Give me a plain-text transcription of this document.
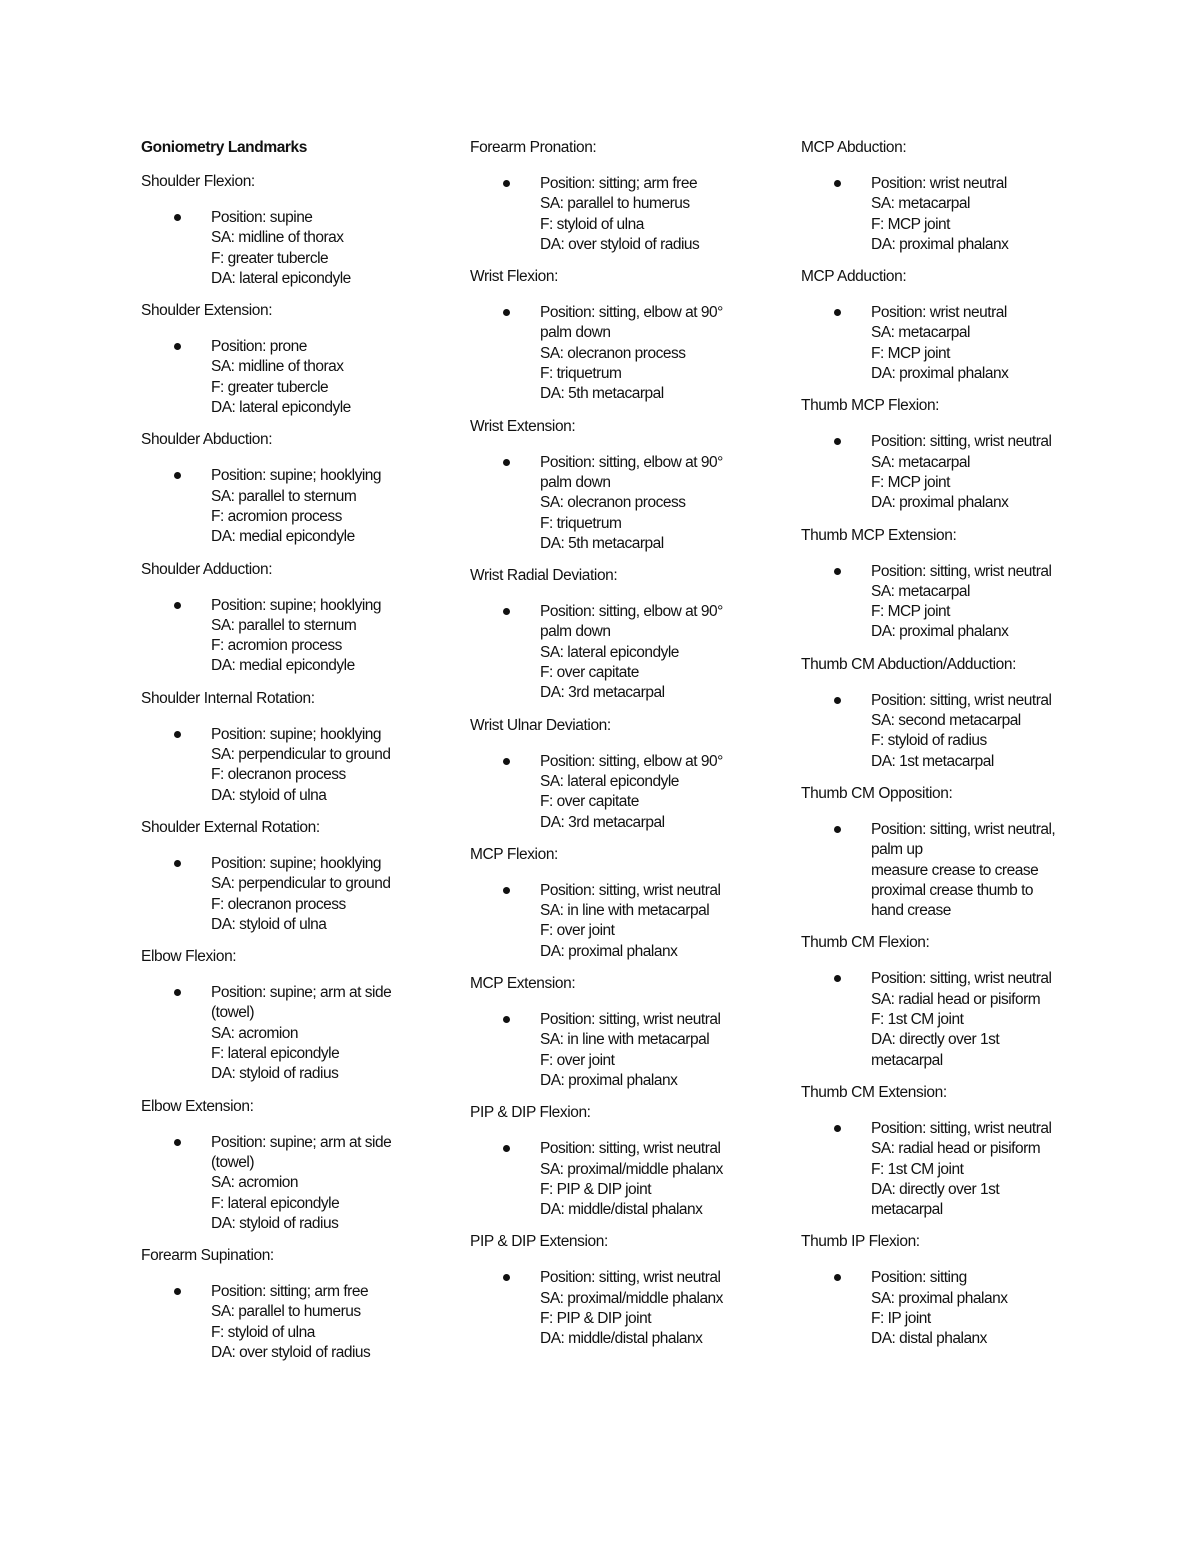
Goniometry Landmarks
Shoulder Flexion:
Position: supine
SA: midline of thorax
F: greater tubercle
DA: lateral epicondyle
Shoulder Extension:
Position: prone
SA: midline of thorax
F: greater tubercle
DA: lateral epicondyle
Shoulder Abduction:
Position: supine; hooklying
SA: parallel to sternum
F: acromion process
DA: medial epicondyle
Shoulder Adduction:
Position: supine; hooklying
SA: parallel to sternum
F: acromion process
DA: medial epicondyle
Shoulder Internal Rotation:
Position: supine; hooklying
SA: perpendicular to ground
F: olecranon process
DA: styloid of ulna
Shoulder External Rotation:
Position: supine; hooklying
SA: perpendicular to ground
F: olecranon process
DA: styloid of ulna
Elbow Flexion:
Position: supine; arm at side
(towel)
SA: acromion
F: lateral epicondyle
DA: styloid of radius
Elbow Extension:
Position: supine; arm at side
(towel)
SA: acromion
F: lateral epicondyle
DA: styloid of radius
Forearm Supination:
Position: sitting; arm free
SA: parallel to humerus
F: styloid of ulna
DA: over styloid of radius
Forearm Pronation:
Position: sitting; arm free
SA: parallel to humerus
F: styloid of ulna
DA: over styloid of radius
Wrist Flexion:
Position: sitting, elbow at 90°
palm down
SA: olecranon process
F: triquetrum
DA: 5th metacarpal
Wrist Extension:
Position: sitting, elbow at 90°
palm down
SA: olecranon process
F: triquetrum
DA: 5th metacarpal
Wrist Radial Deviation:
Position: sitting, elbow at 90°
palm down
SA: lateral epicondyle
F: over capitate
DA: 3rd metacarpal
Wrist Ulnar Deviation:
Position: sitting, elbow at 90°
SA: lateral epicondyle
F: over capitate
DA: 3rd metacarpal
MCP Flexion:
Position: sitting, wrist neutral
SA: in line with metacarpal
F: over joint
DA: proximal phalanx
MCP Extension:
Position: sitting, wrist neutral
SA: in line with metacarpal
F: over joint
DA: proximal phalanx
PIP & DIP Flexion:
Position: sitting, wrist neutral
SA: proximal/middle phalanx
F: PIP & DIP joint
DA: middle/distal phalanx
PIP & DIP Extension:
Position: sitting, wrist neutral
SA: proximal/middle phalanx
F: PIP & DIP joint
DA: middle/distal phalanx
MCP Abduction:
Position: wrist neutral
SA: metacarpal
F: MCP joint
DA: proximal phalanx
MCP Adduction:
Position: wrist neutral
SA: metacarpal
F: MCP joint
DA: proximal phalanx
Thumb MCP Flexion:
Position: sitting, wrist neutral
SA: metacarpal
F: MCP joint
DA: proximal phalanx
Thumb MCP Extension:
Position: sitting, wrist neutral
SA: metacarpal
F: MCP joint
DA: proximal phalanx
Thumb CM Abduction/Adduction:
Position: sitting, wrist neutral
SA: second metacarpal
F: styloid of radius
DA: 1st metacarpal
Thumb CM Opposition:
Position: sitting, wrist neutral,
palm up
measure crease to crease
proximal crease thumb to
hand crease
Thumb CM Flexion:
Position: sitting, wrist neutral
SA: radial head or pisiform
F: 1st CM joint
DA: directly over 1st
metacarpal
Thumb CM Extension:
Position: sitting, wrist neutral
SA: radial head or pisiform
F: 1st CM joint
DA: directly over 1st
metacarpal
Thumb IP Flexion:
Position: sitting
SA: proximal phalanx
F: IP joint
DA: distal phalanx
